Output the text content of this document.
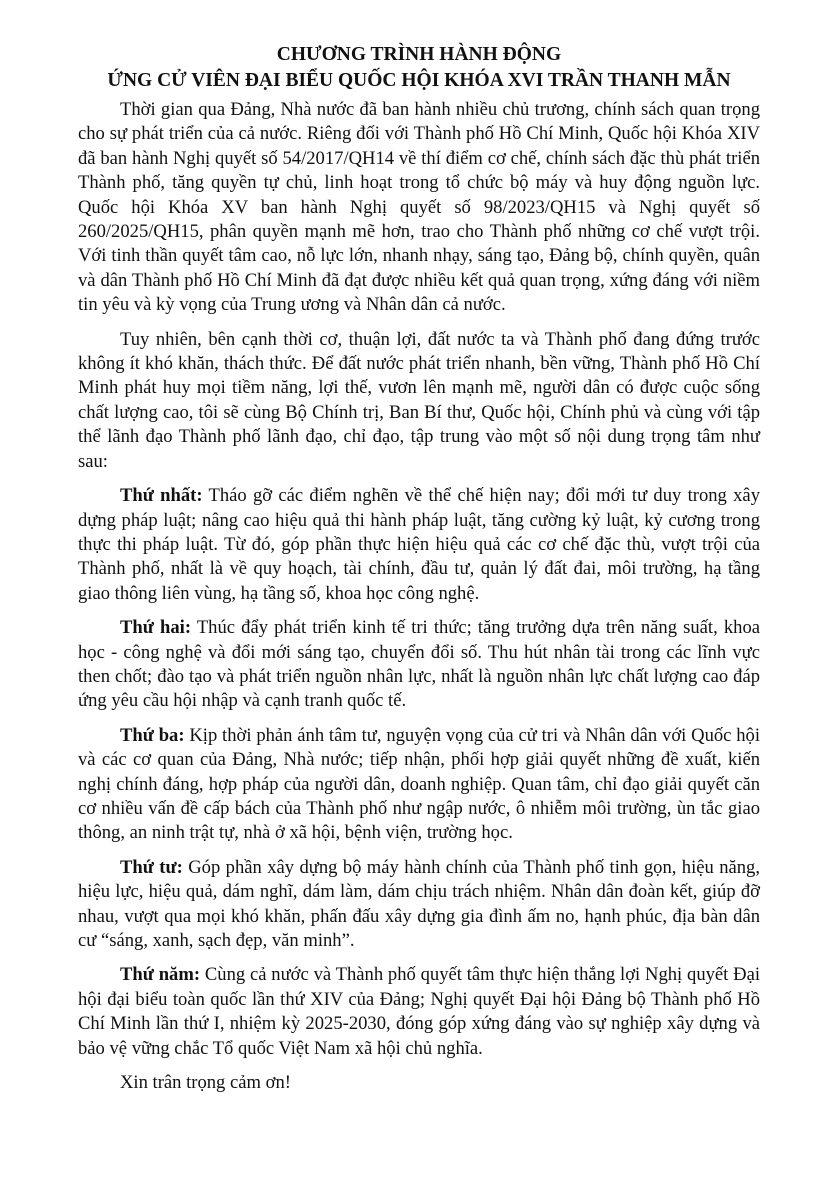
CHƯƠNG TRÌNH HÀNH ĐỘNG

ỨNG CỬ VIÊN ĐẠI BIỂU QUỐC HỘI KHÓA XVI TRẦN THANH MẪN

Thời gian qua Đảng, Nhà nước đã ban hành nhiều chủ trương, chính sách quan trọng cho sự phát triển của cả nước. Riêng đối với Thành phố Hồ Chí Minh, Quốc hội Khóa XIV đã ban hành Nghị quyết số 54/2017/QH14 về thí điểm cơ chế, chính sách đặc thù phát triển Thành phố, tăng quyền tự chủ, linh hoạt trong tổ chức bộ máy và huy động nguồn lực. Quốc hội Khóa XV ban hành Nghị quyết số 98/2023/QH15 và Nghị quyết số 260/2025/QH15, phân quyền mạnh mẽ hơn, trao cho Thành phố những cơ chế vượt trội. Với tinh thần quyết tâm cao, nỗ lực lớn, nhanh nhạy, sáng tạo, Đảng bộ, chính quyền, quân và dân Thành phố Hồ Chí Minh đã đạt được nhiều kết quả quan trọng, xứng đáng với niềm tin yêu và kỳ vọng của Trung ương và Nhân dân cả nước.

Tuy nhiên, bên cạnh thời cơ, thuận lợi, đất nước ta và Thành phố đang đứng trước không ít khó khăn, thách thức. Để đất nước phát triển nhanh, bền vững, Thành phố Hồ Chí Minh phát huy mọi tiềm năng, lợi thế, vươn lên mạnh mẽ, người dân có được cuộc sống chất lượng cao, tôi sẽ cùng Bộ Chính trị, Ban Bí thư, Quốc hội, Chính phủ và cùng với tập thể lãnh đạo Thành phố lãnh đạo, chỉ đạo, tập trung vào một số nội dung trọng tâm như sau:

Thứ nhất: Tháo gỡ các điểm nghẽn về thể chế hiện nay; đổi mới tư duy trong xây dựng pháp luật; nâng cao hiệu quả thi hành pháp luật, tăng cường kỷ luật, kỷ cương trong thực thi pháp luật. Từ đó, góp phần thực hiện hiệu quả các cơ chế đặc thù, vượt trội của Thành phố, nhất là về quy hoạch, tài chính, đầu tư, quản lý đất đai, môi trường, hạ tầng giao thông liên vùng, hạ tầng số, khoa học công nghệ.

Thứ hai: Thúc đẩy phát triển kinh tế tri thức; tăng trưởng dựa trên năng suất, khoa học - công nghệ và đổi mới sáng tạo, chuyển đổi số. Thu hút nhân tài trong các lĩnh vực then chốt; đào tạo và phát triển nguồn nhân lực, nhất là nguồn nhân lực chất lượng cao đáp ứng yêu cầu hội nhập và cạnh tranh quốc tế.

Thứ ba: Kịp thời phản ánh tâm tư, nguyện vọng của cử tri và Nhân dân với Quốc hội và các cơ quan của Đảng, Nhà nước; tiếp nhận, phối hợp giải quyết những đề xuất, kiến nghị chính đáng, hợp pháp của người dân, doanh nghiệp. Quan tâm, chỉ đạo giải quyết căn cơ nhiều vấn đề cấp bách của Thành phố như ngập nước, ô nhiễm môi trường, ùn tắc giao thông, an ninh trật tự, nhà ở xã hội, bệnh viện, trường học.

Thứ tư: Góp phần xây dựng bộ máy hành chính của Thành phố tinh gọn, hiệu năng, hiệu lực, hiệu quả, dám nghĩ, dám làm, dám chịu trách nhiệm. Nhân dân đoàn kết, giúp đỡ nhau, vượt qua mọi khó khăn, phấn đấu xây dựng gia đình ấm no, hạnh phúc, địa bàn dân cư “sáng, xanh, sạch đẹp, văn minh”.

Thứ năm: Cùng cả nước và Thành phố quyết tâm thực hiện thắng lợi Nghị quyết Đại hội đại biểu toàn quốc lần thứ XIV của Đảng; Nghị quyết Đại hội Đảng bộ Thành phố Hồ Chí Minh lần thứ I, nhiệm kỳ 2025-2030, đóng góp xứng đáng vào sự nghiệp xây dựng và bảo vệ vững chắc Tổ quốc Việt Nam xã hội chủ nghĩa.

Xin trân trọng cảm ơn!
